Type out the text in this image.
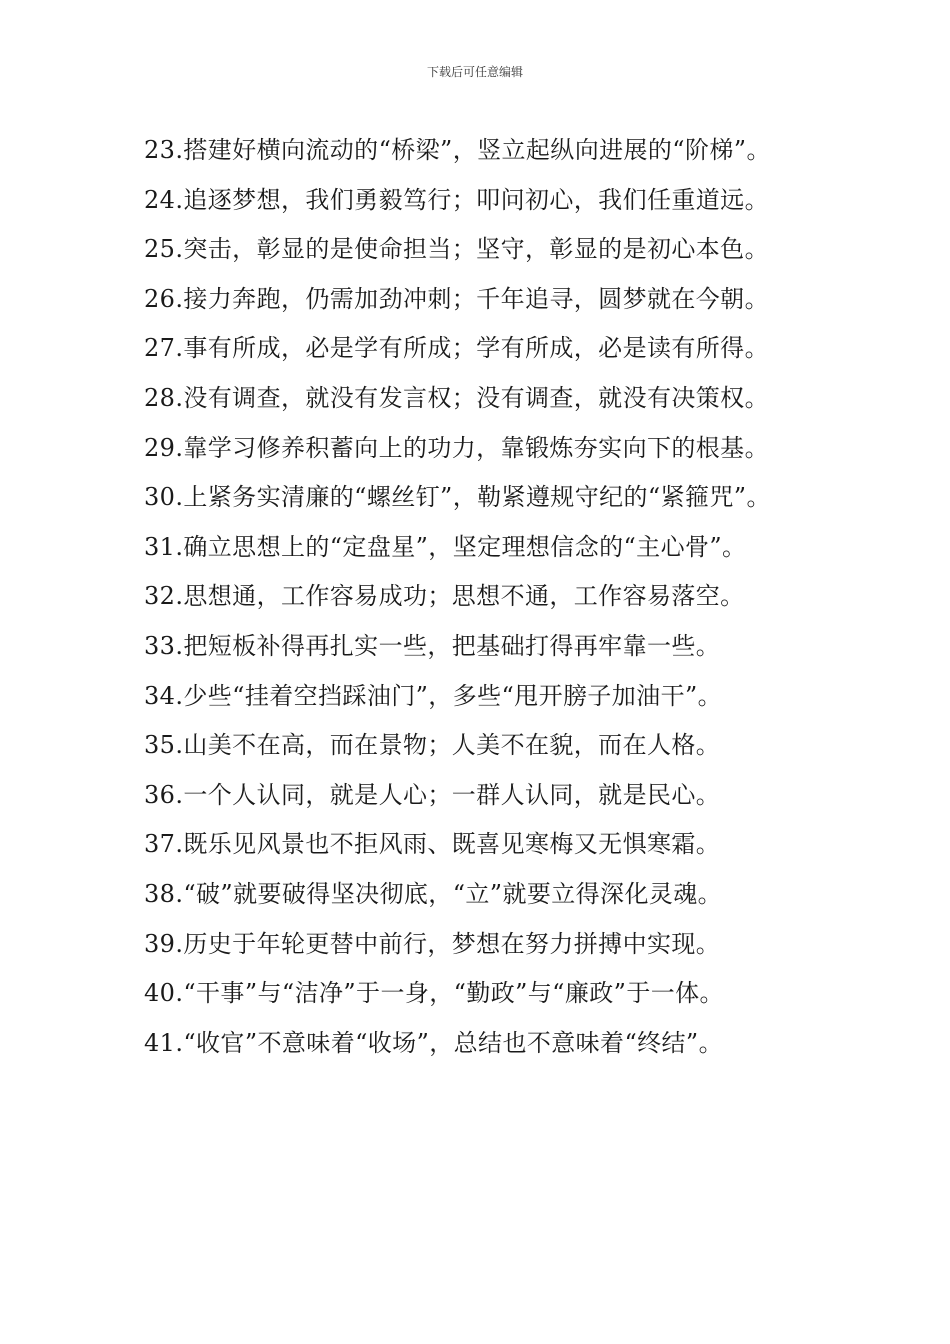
下载后可任意编辑

23.搭建好横向流动的“桥梁”，竖立起纵向进展的“阶梯”。

24.追逐梦想，我们勇毅笃行；叩问初心，我们任重道远。

25.突击，彰显的是使命担当；坚守，彰显的是初心本色。

26.接力奔跑，仍需加劲冲刺；千年追寻，圆梦就在今朝。

27.事有所成，必是学有所成；学有所成，必是读有所得。

28.没有调查，就没有发言权；没有调查，就没有决策权。

29.靠学习修养积蓄向上的功力，靠锻炼夯实向下的根基。

30.上紧务实清廉的“螺丝钉”，勒紧遵规守纪的“紧箍咒”。

31.确立思想上的“定盘星”，坚定理想信念的“主心骨”。

32.思想通，工作容易成功；思想不通，工作容易落空。

33.把短板补得再扎实一些，把基础打得再牢靠一些。

34.少些“挂着空挡踩油门”，多些“甩开膀子加油干”。

35.山美不在高，而在景物；人美不在貌，而在人格。

36.一个人认同，就是人心；一群人认同，就是民心。

37.既乐见风景也不拒风雨、既喜见寒梅又无惧寒霜。

38.“破”就要破得坚决彻底，“立”就要立得深化灵魂。

39.历史于年轮更替中前行，梦想在努力拼搏中实现。

40.“干事”与“洁净”于一身，“勤政”与“廉政”于一体。

41.“收官”不意味着“收场”，总结也不意味着“终结”。
